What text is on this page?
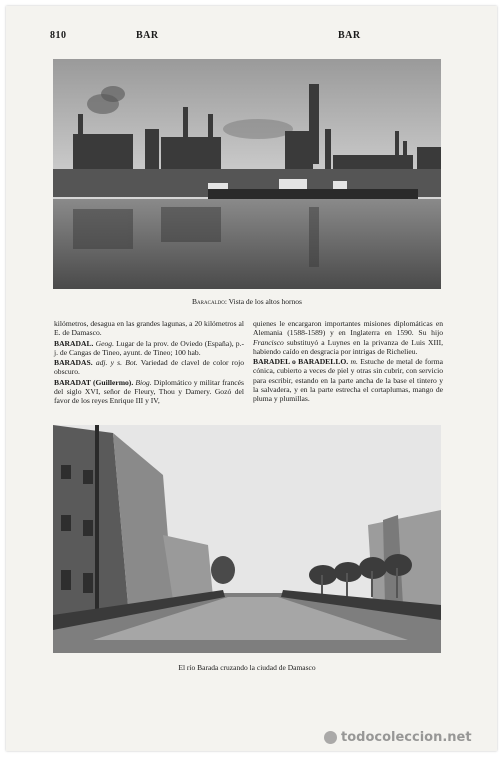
810	BAR	BAR
Baracaldo: Vista de los altos hornos

kilómetros, desagua en las grandes lagunas, a 20 kilómetros al E. de Damasco.

BARADAL. Geog. Lugar de la prov. de Oviedo (España), p.-j. de Cangas de Tineo, ayunt. de Tineo; 100 hab.

BARADAS. adj. y s. Bot. Variedad de clavel de color rojo obscuro.

BARADAT (Guillermo). Biog. Diplomático y militar francés del siglo XVI, señor de Fleury, Thou y Damery. Gozó del favor de los reyes Enrique III y IV,

quienes le encargaron importantes misiones diplomáticas en Alemania (1588-1589) y en Inglaterra en 1590. Su hijo Francisco substituyó a Luynes en la privanza de Luis XIII, habiendo caído en desgracia por intrigas de Richelieu.

BARADEL o BARADELLO. m. Estuche de metal de forma cónica, cubierto a veces de piel y otras sin cubrir, con servicio para escribir, estando en la parte ancha de la base el tintero y la salvadera, y en la parte estrecha el cortaplumas, mango de pluma y plumillas.

El río Barada cruzando la ciudad de Damasco
todocoleccion.net
